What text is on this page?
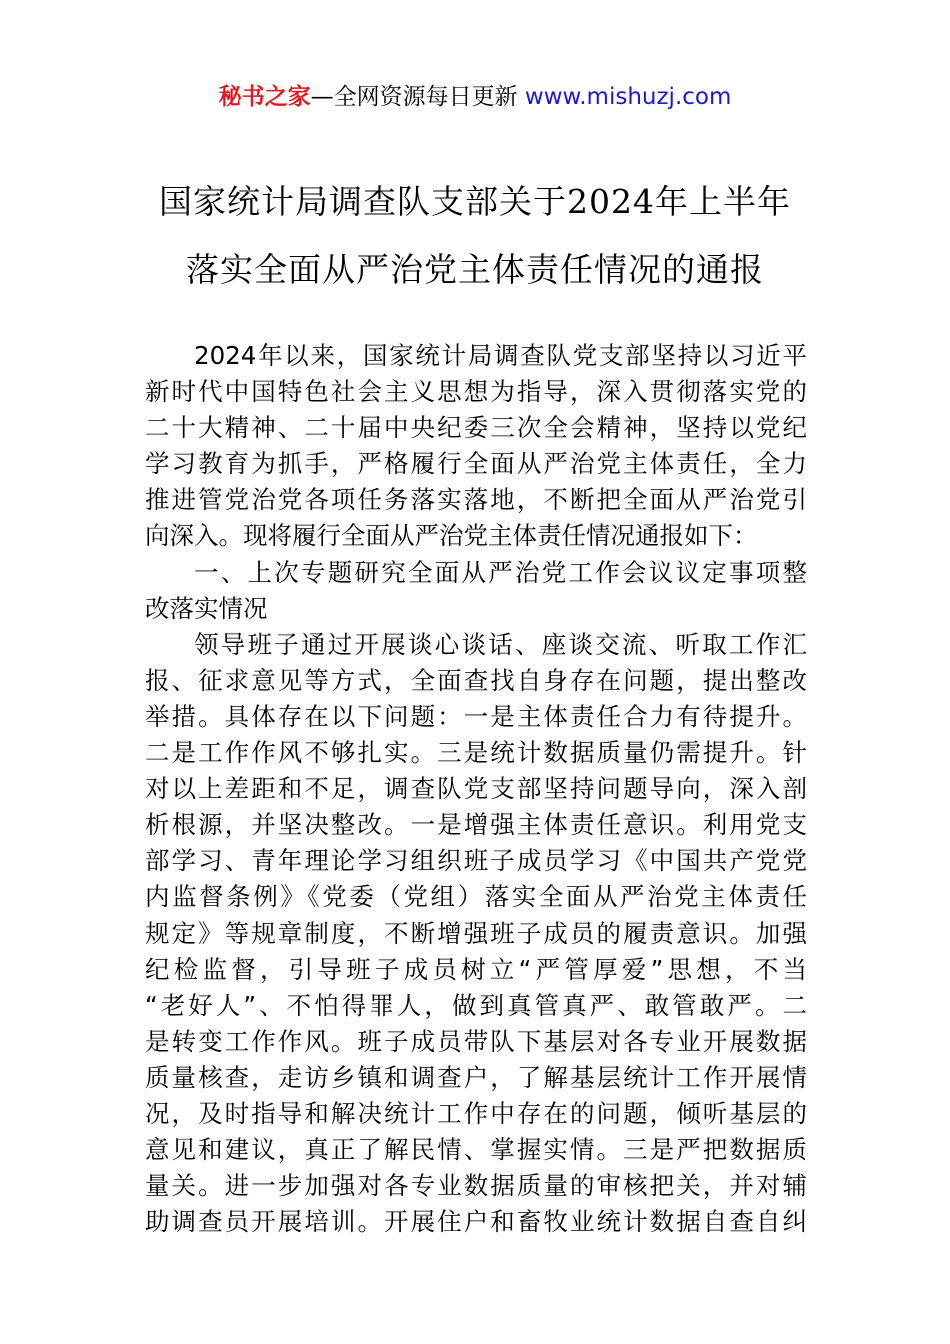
秘书之家—全网资源每日更新 www.mishuzj.com
国家统计局调查队支部关于2024年上半年
落实全面从严治党主体责任情况的通报
2024年以来，国家统计局调查队党支部坚持以习近平
新时代中国特色社会主义思想为指导，深入贯彻落实党的
二十大精神、二十届中央纪委三次全会精神，坚持以党纪
学习教育为抓手，严格履行全面从严治党主体责任，全力
推进管党治党各项任务落实落地，不断把全面从严治党引
向深入。现将履行全面从严治党主体责任情况通报如下：
一、上次专题研究全面从严治党工作会议议定事项整
改落实情况
领导班子通过开展谈心谈话、座谈交流、听取工作汇
报、征求意见等方式，全面查找自身存在问题，提出整改
举措。具体存在以下问题：一是主体责任合力有待提升。
二是工作作风不够扎实。三是统计数据质量仍需提升。针
对以上差距和不足，调查队党支部坚持问题导向，深入剖
析根源，并坚决整改。一是增强主体责任意识。利用党支
部学习、青年理论学习组织班子成员学习《中国共产党党
内监督条例》《党委（党组）落实全面从严治党主体责任
规定》等规章制度，不断增强班子成员的履责意识。加强
纪检监督，引导班子成员树立“严管厚爱”思想，不当
“老好人”、不怕得罪人，做到真管真严、敢管敢严。二
是转变工作作风。班子成员带队下基层对各专业开展数据
质量核查，走访乡镇和调查户，了解基层统计工作开展情
况，及时指导和解决统计工作中存在的问题，倾听基层的
意见和建议，真正了解民情、掌握实情。三是严把数据质
量关。进一步加强对各专业数据质量的审核把关，并对辅
助调查员开展培训。开展住户和畜牧业统计数据自查自纠
